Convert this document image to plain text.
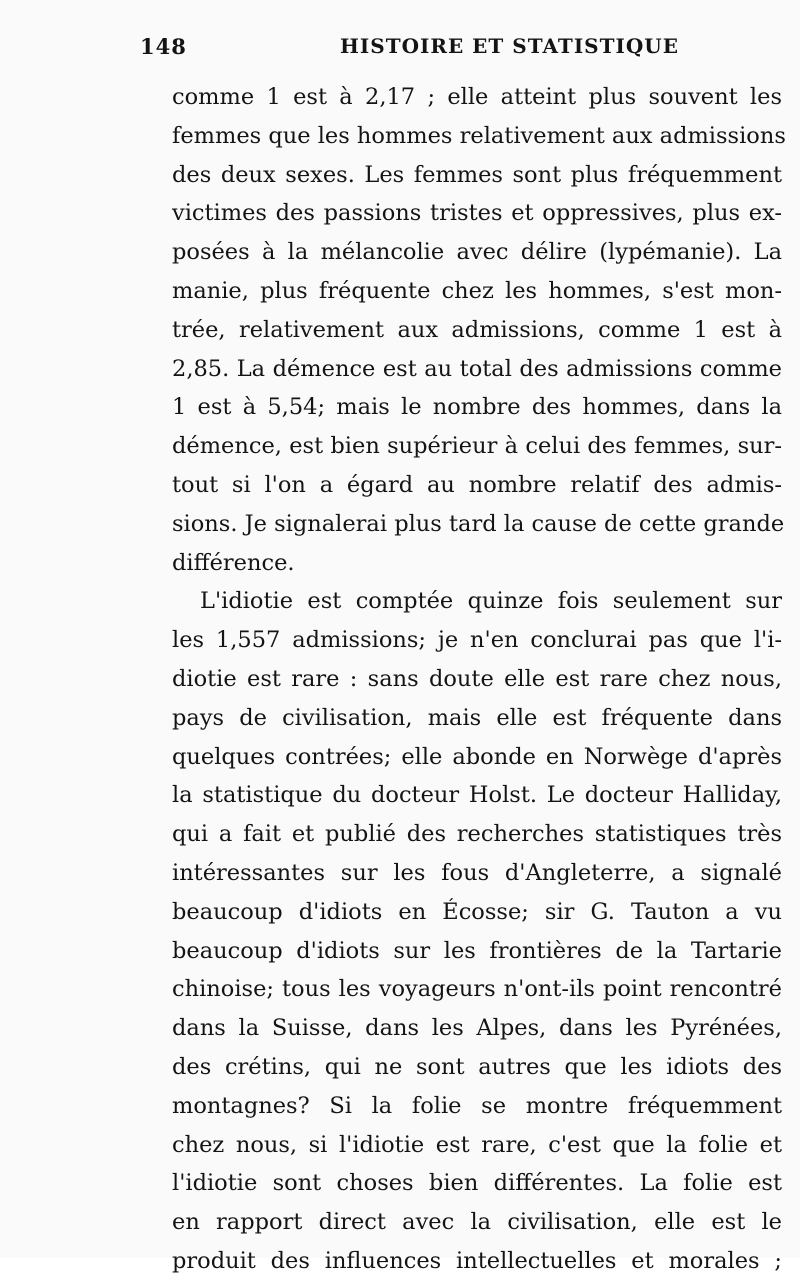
148	HISTOIRE ET STATISTIQUE
comme 1 est à 2,17 ; elle atteint plus souvent les
femmes que les hommes relativement aux admissions
des deux sexes. Les femmes sont plus fréquemment
victimes des passions tristes et oppressives, plus ex-
posées à la mélancolie avec délire (lypémanie). La
manie, plus fréquente chez les hommes, s'est mon-
trée, relativement aux admissions, comme 1 est à
2,85. La démence est au total des admissions comme
1 est à 5,54; mais le nombre des hommes, dans la
démence, est bien supérieur à celui des femmes, sur-
tout si l'on a égard au nombre relatif des admis-
sions. Je signalerai plus tard la cause de cette grande
différence.
L'idiotie est comptée quinze fois seulement sur
les 1,557 admissions; je n'en conclurai pas que l'i-
diotie est rare : sans doute elle est rare chez nous,
pays de civilisation, mais elle est fréquente dans
quelques contrées; elle abonde en Norwège d'après
la statistique du docteur Holst. Le docteur Halliday,
qui a fait et publié des recherches statistiques très
intéressantes sur les fous d'Angleterre, a signalé
beaucoup d'idiots en Écosse; sir G. Tauton a vu
beaucoup d'idiots sur les frontières de la Tartarie
chinoise; tous les voyageurs n'ont-ils point rencontré
dans la Suisse, dans les Alpes, dans les Pyrénées,
des crétins, qui ne sont autres que les idiots des
montagnes? Si la folie se montre fréquemment
chez nous, si l'idiotie est rare, c'est que la folie et
l'idiotie sont choses bien différentes. La folie est
en rapport direct avec la civilisation, elle est le
produit des influences intellectuelles et morales ;
